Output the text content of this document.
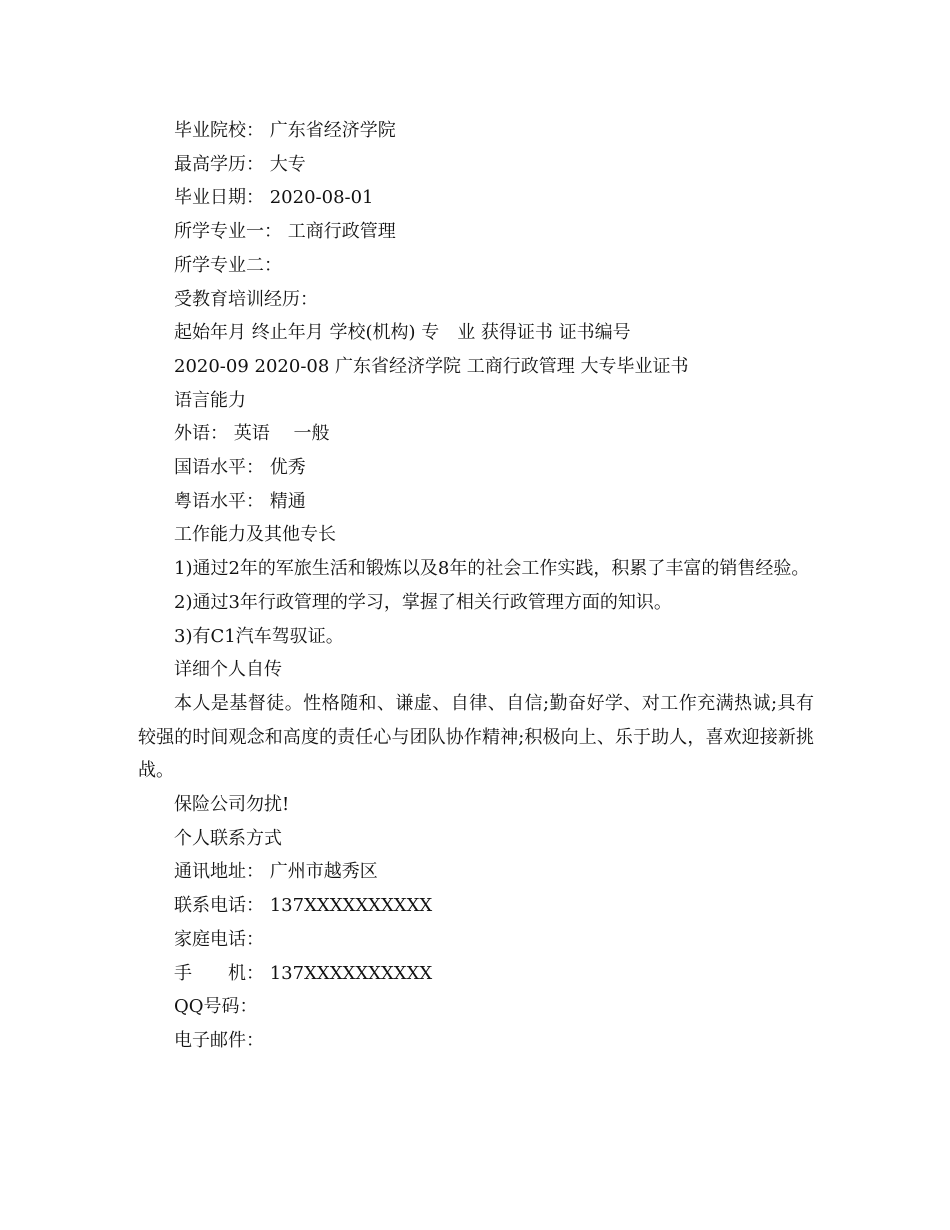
毕业院校： 广东省经济学院

最高学历： 大专

毕业日期： 2020-08-01

所学专业一： 工商行政管理

所学专业二：

受教育培训经历：

起始年月 终止年月 学校(机构) 专　业 获得证书 证书编号

2020-09 2020-08 广东省经济学院 工商行政管理 大专毕业证书

语言能力

外语： 英语 　一般

国语水平： 优秀

粤语水平： 精通

工作能力及其他专长

1)通过2年的军旅生活和锻炼以及8年的社会工作实践，积累了丰富的销售经验。

2)通过3年行政管理的学习，掌握了相关行政管理方面的知识。

3)有C1汽车驾驭证。

详细个人自传

本人是基督徒。性格随和、谦虚、自律、自信;勤奋好学、对工作充满热诚;具有较强的时间观念和高度的责任心与团队协作精神;积极向上、乐于助人，喜欢迎接新挑战。

保险公司勿扰!

个人联系方式

通讯地址： 广州市越秀区

联系电话： 137XXXXXXXXXX

家庭电话：

手　　机： 137XXXXXXXXXX

QQ号码：

电子邮件：
